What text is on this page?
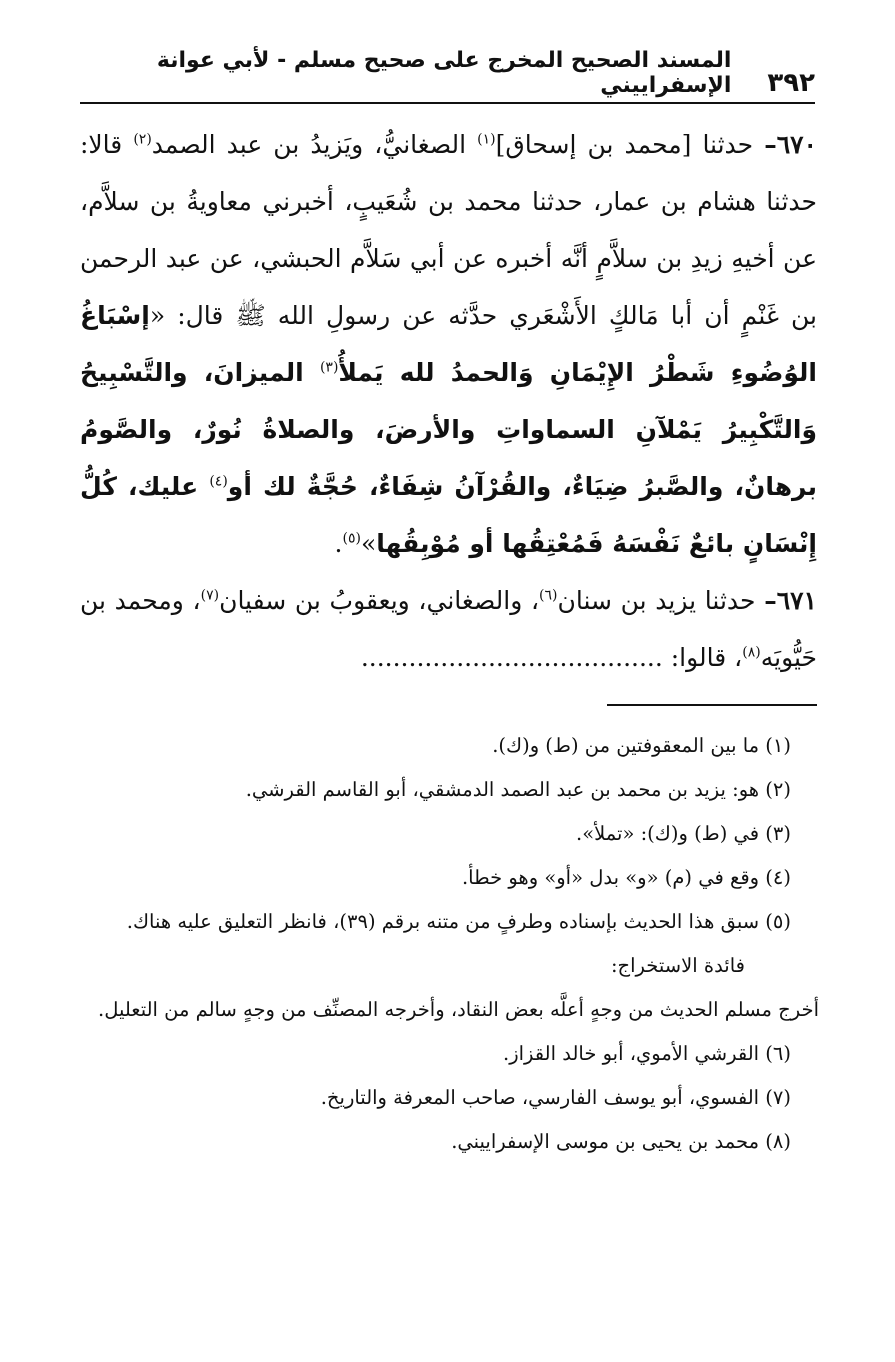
٣٩٢
المسند الصحيح المخرج على صحيح مسلم - لأبي عوانة الإسفراييني

٦٧٠– حدثنا [محمد بن إسحاق]$^{(١)}$ الصغانيُّ، ويَزيدُ بن عبد الصمد$^{(٢)}$ قالا: حدثنا هشام بن عمار، حدثنا محمد بن شُعَيبٍ، أخبرني معاويةُ بن سلاَّم، عن أخيهِ زيدِ بن سلاَّمٍ أنَّه أخبره عن أبي سَلاَّم الحبشي، عن عبد الرحمن بن غَنْمٍ أن أبا مَالكٍ الأَشْعَري حدَّثه عن رسولِ الله ﷺ قال: «إسْبَاغُ الوُضُوءِ شَطْرُ الإِيْمَانِ وَالحمدُ لله يَملأُ$^{(٣)}$ الميزانَ، والتَّسْبِيحُ وَالتَّكْبِيرُ يَمْلآنِ السماواتِ والأرضَ، والصلاةُ نُورٌ، والصَّومُ برهانٌ، والصَّبرُ ضِيَاءٌ، والقُرْآنُ شِفَاءٌ، حُجَّةٌ لك أو$^{(٤)}$ عليك، كُلُّ إِنْسَانٍ بائعٌ نَفْسَهُ فَمُعْتِقُها أو مُوْبِقُها»$^{(٥)}$.

٦٧١– حدثنا يزيد بن سنان$^{(٦)}$، والصغاني، ويعقوبُ بن سفيان$^{(٧)}$، ومحمد بن حَيُّويَه$^{(٨)}$، قالوا: ......................................

(١) ما بين المعقوفتين من (ط) و(ك).

(٢) هو: يزيد بن محمد بن عبد الصمد الدمشقي، أبو القاسم القرشي.

(٣) في (ط) و(ك): «تملأ».

(٤) وقع في (م) «و» بدل «أو» وهو خطأ.

(٥) سبق هذا الحديث بإسناده وطرفٍ من متنه برقم (٣٩)، فانظر التعليق عليه هناك.

فائدة الاستخراج:

أخرج مسلم الحديث من وجهٍ أعلَّه بعض النقاد، وأخرجه المصنِّف من وجهٍ سالم من التعليل.

(٦) القرشي الأموي، أبو خالد القزاز.

(٧) الفسوي، أبو يوسف الفارسي، صاحب المعرفة والتاريخ.

(٨) محمد بن يحيى بن موسى الإسفراييني.
